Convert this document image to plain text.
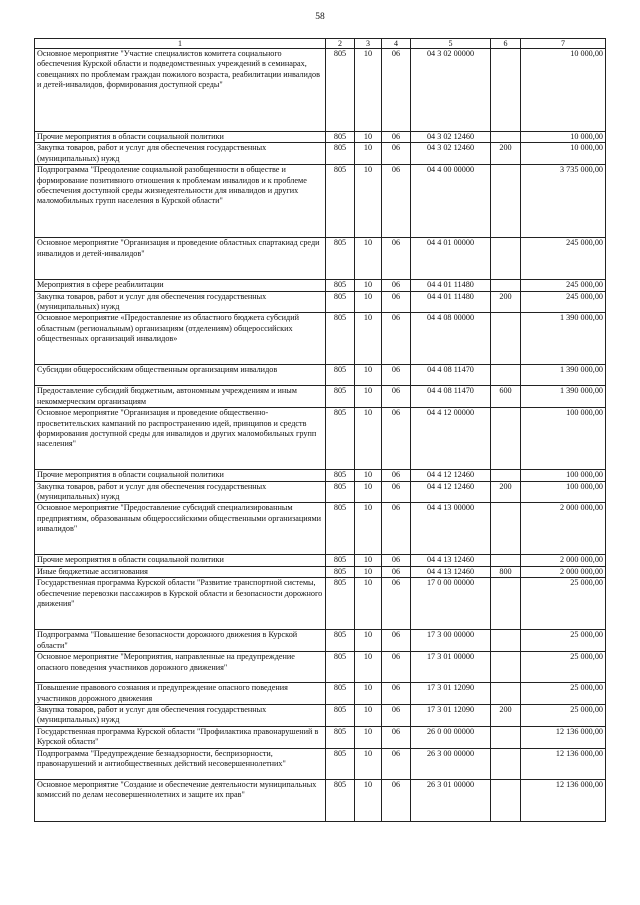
58
1	2	3	4	5	6	7
Основное мероприятие "Участие специалистов комитета социального обеспечения Курской области и подведомственных учреждений в семинарах, совещаниях по проблемам граждан пожилого возраста, реабилитации инвалидов и детей-инвалидов, формирования доступной среды"	805	10	06	04 3 02 00000		10 000,00
Прочие мероприятия в области социальной политики	805	10	06	04 3 02 12460		10 000,00
Закупка товаров, работ и услуг для обеспечения государственных (муниципальных) нужд	805	10	06	04 3 02 12460	200	10 000,00
Подпрограмма "Преодоление социальной разобщенности в обществе и формирование позитивного отношения к проблемам инвалидов и к проблеме обеспечения доступной среды жизнедеятельности для инвалидов и других маломобильных групп населения в Курской области"	805	10	06	04 4 00 00000		3 735 000,00
Основное мероприятие "Организация и проведение областных спартакиад среди инвалидов и детей-инвалидов"	805	10	06	04 4 01 00000		245 000,00
Мероприятия в сфере реабилитации	805	10	06	04 4 01 11480		245 000,00
Закупка товаров, работ и услуг для обеспечения государственных (муниципальных) нужд	805	10	06	04 4 01 11480	200	245 000,00
Основное мероприятие «Предоставление из областного бюджета субсидий областным (региональным) организациям (отделениям) общероссийских общественных организаций инвалидов»	805	10	06	04 4 08 00000		1 390 000,00
Субсидии общероссийским общественным организациям инвалидов	805	10	06	04 4 08 11470		1 390 000,00
Предоставление субсидий бюджетным, автономным учреждениям и иным некоммерческим организациям	805	10	06	04 4 08 11470	600	1 390 000,00
Основное мероприятие "Организация и проведение общественно-просветительских кампаний по распространению идей, принципов и средств формирования доступной среды для инвалидов и других маломобильных групп населения"	805	10	06	04 4 12 00000		100 000,00
Прочие мероприятия в области социальной политики	805	10	06	04 4 12 12460		100 000,00
Закупка товаров, работ и услуг для обеспечения государственных (муниципальных) нужд	805	10	06	04 4 12 12460	200	100 000,00
Основное мероприятие "Предоставление субсидий специализированным предприятиям, образованным общероссийскими общественными организациями инвалидов"	805	10	06	04 4 13 00000		2 000 000,00
Прочие мероприятия в области социальной политики	805	10	06	04 4 13 12460		2 000 000,00
Иные бюджетные ассигнования	805	10	06	04 4 13 12460	800	2 000 000,00
Государственная программа Курской области "Развитие транспортной системы, обеспечение перевозки пассажиров в Курской области и безопасности дорожного движения"	805	10	06	17 0 00 00000		25 000,00
Подпрограмма "Повышение безопасности дорожного движения в Курской области"	805	10	06	17 3 00 00000		25 000,00
Основное мероприятие "Мероприятия, направленные на предупреждение опасного поведения участников дорожного движения"	805	10	06	17 3 01 00000		25 000,00
Повышение правового сознания и предупреждение опасного поведения участников дорожного движения	805	10	06	17 3 01 12090		25 000,00
Закупка товаров, работ и услуг для обеспечения государственных (муниципальных) нужд	805	10	06	17 3 01 12090	200	25 000,00
Государственная программа Курской области "Профилактика правонарушений в Курской области"	805	10	06	26 0 00 00000		12 136 000,00
Подпрограмма "Предупреждение безнадзорности, беспризорности, правонарушений и антиобщественных действий несовершеннолетних"	805	10	06	26 3 00 00000		12 136 000,00
Основное мероприятие "Создание и обеспечение деятельности муниципальных комиссий по делам несовершеннолетних и защите их прав"	805	10	06	26 3 01 00000		12 136 000,00
